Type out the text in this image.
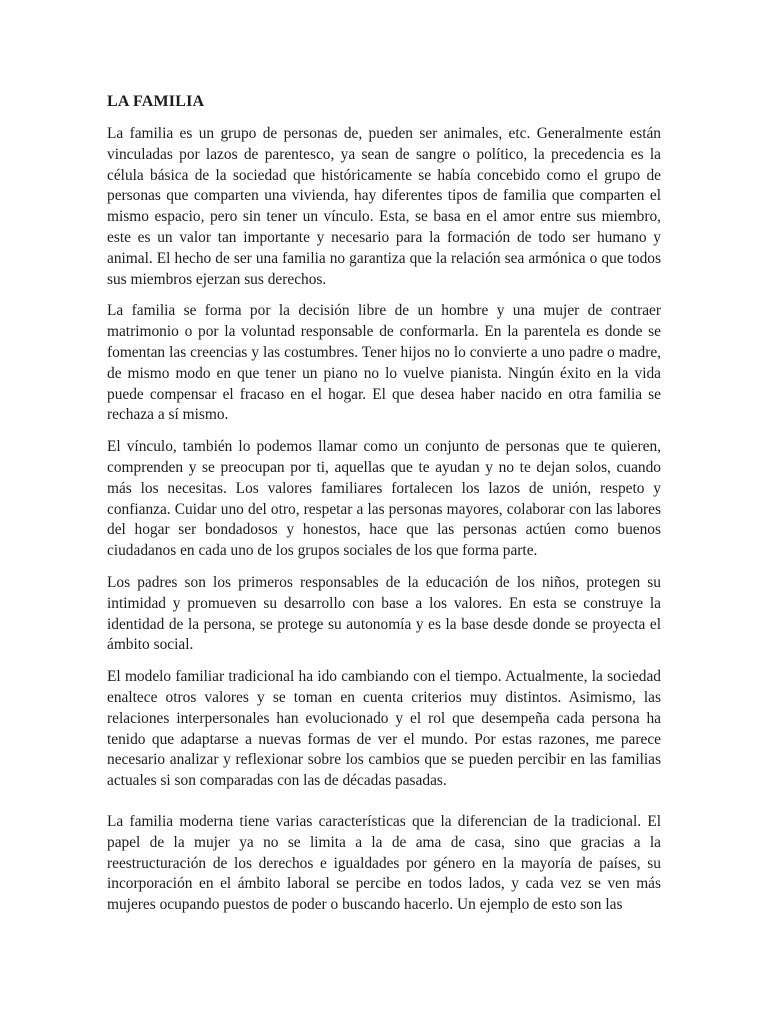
LA FAMILIA

La familia es un grupo de personas de, pueden ser animales, etc. Generalmente están vinculadas por lazos de parentesco, ya sean de sangre o político, la precedencia es la célula básica de la sociedad que históricamente se había concebido como el grupo de personas que comparten una vivienda, hay diferentes tipos de familia que comparten el mismo espacio, pero sin tener un vínculo. Esta, se basa en el amor entre sus miembro, este es un valor tan importante y necesario para la formación de todo ser humano y animal. El hecho de ser una familia no garantiza que la relación sea armónica o que todos sus miembros ejerzan sus derechos.

La familia se forma por la decisión libre de un hombre y una mujer de contraer matrimonio o por la voluntad responsable de conformarla. En la parentela es donde se fomentan las creencias y las costumbres. Tener hijos no lo convierte a uno padre o madre, de mismo modo en que tener un piano no lo vuelve pianista. Ningún éxito en la vida puede compensar el fracaso en el hogar. El que desea haber nacido en otra familia se rechaza a sí mismo.

El vínculo, también lo podemos llamar como un conjunto de personas que te quieren, comprenden y se preocupan por ti, aquellas que te ayudan y no te dejan solos, cuando más los necesitas. Los valores familiares fortalecen los lazos de unión, respeto y confianza. Cuidar uno del otro, respetar a las personas mayores, colaborar con las labores del hogar ser bondadosos y honestos, hace que las personas actúen como buenos ciudadanos en cada uno de los grupos sociales de los que forma parte.

Los padres son los primeros responsables de la educación de los niños, protegen su intimidad y promueven su desarrollo con base a los valores. En esta se construye la identidad de la persona, se protege su autonomía y es la base desde donde se proyecta el ámbito social.

El modelo familiar tradicional ha ido cambiando con el tiempo. Actualmente, la sociedad enaltece otros valores y se toman en cuenta criterios muy distintos. Asimismo, las relaciones interpersonales han evolucionado y el rol que desempeña cada persona ha tenido que adaptarse a nuevas formas de ver el mundo. Por estas razones, me parece necesario analizar y reflexionar sobre los cambios que se pueden percibir en las familias actuales si son comparadas con las de décadas pasadas.

La familia moderna tiene varias características que la diferencian de la tradicional. El papel de la mujer ya no se limita a la de ama de casa, sino que gracias a la reestructuración de los derechos e igualdades por género en la mayoría de países, su incorporación en el ámbito laboral se percibe en todos lados, y cada vez se ven más mujeres ocupando puestos de poder o buscando hacerlo. Un ejemplo de esto son las
